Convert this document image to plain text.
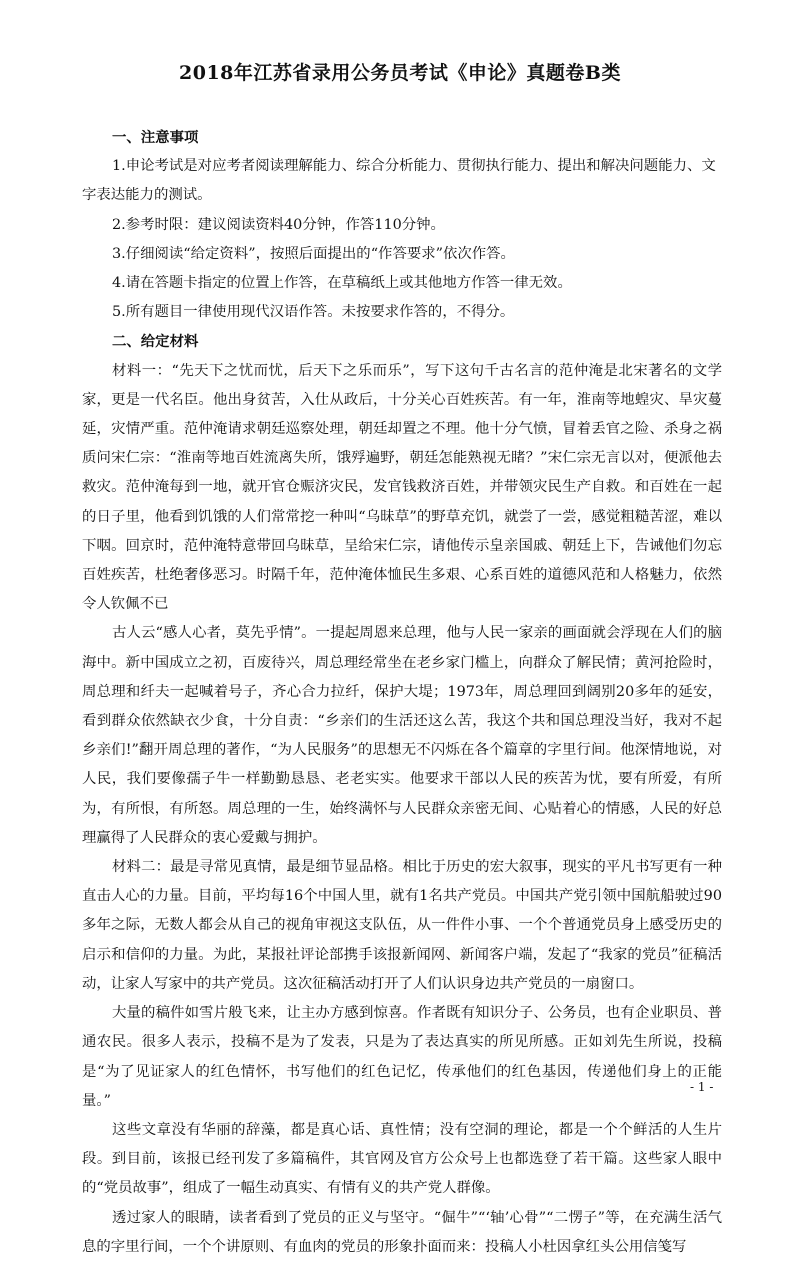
2018年江苏省录用公务员考试《申论》真题卷B类
一、注意事项

1.申论考试是对应考者阅读理解能力、综合分析能力、贯彻执行能力、提出和解决问题能力、文字表达能力的测试。

2.参考时限：建议阅读资料40分钟，作答110分钟。

3.仔细阅读“给定资料”，按照后面提出的“作答要求”依次作答。

4.请在答题卡指定的位置上作答，在草稿纸上或其他地方作答一律无效。

5.所有题目一律使用现代汉语作答。未按要求作答的，不得分。

二、给定材料

材料一：“先天下之忧而忧，后天下之乐而乐”，写下这句千古名言的范仲淹是北宋著名的文学家，更是一代名臣。他出身贫苦，入仕从政后，十分关心百姓疾苦。有一年，淮南等地蝗灾、旱灾蔓延，灾情严重。范仲淹请求朝廷巡察处理，朝廷却置之不理。他十分气愤，冒着丢官之险、杀身之祸质问宋仁宗：“淮南等地百姓流离失所，饿殍遍野，朝廷怎能熟视无睹？”宋仁宗无言以对，便派他去救灾。范仲淹每到一地，就开官仓赈济灾民，发官钱救济百姓，并带领灾民生产自救。和百姓在一起的日子里，他看到饥饿的人们常常挖一种叫“乌昧草”的野草充饥，就尝了一尝，感觉粗糙苦涩，难以下咽。回京时，范仲淹特意带回乌昧草，呈给宋仁宗，请他传示皇亲国戚、朝廷上下，告诫他们勿忘百姓疾苦，杜绝奢侈恶习。时隔千年，范仲淹体恤民生多艰、心系百姓的道德风范和人格魅力，依然令人钦佩不已

古人云“感人心者，莫先乎情”。一提起周恩来总理，他与人民一家亲的画面就会浮现在人们的脑海中。新中国成立之初，百废待兴，周总理经常坐在老乡家门槛上，向群众了解民情；黄河抢险时，周总理和纤夫一起喊着号子，齐心合力拉纤，保护大堤；1973年，周总理回到阔别20多年的延安，看到群众依然缺衣少食，十分自责：“乡亲们的生活还这么苦，我这个共和国总理没当好，我对不起乡亲们!”翻开周总理的著作，“为人民服务”的思想无不闪烁在各个篇章的字里行间。他深情地说，对人民，我们要像孺子牛一样勤勤恳恳、老老实实。他要求干部以人民的疾苦为忧，要有所爱，有所为，有所恨，有所怒。周总理的一生，始终满怀与人民群众亲密无间、心贴着心的情感，人民的好总理赢得了人民群众的衷心爱戴与拥护。

材料二：最是寻常见真情，最是细节显品格。相比于历史的宏大叙事，现实的平凡书写更有一种直击人心的力量。目前，平均每16个中国人里，就有1名共产党员。中国共产党引领中国航船驶过90多年之际，无数人都会从自己的视角审视这支队伍，从一件件小事、一个个普通党员身上感受历史的启示和信仰的力量。为此，某报社评论部携手该报新闻网、新闻客户端，发起了“我家的党员”征稿活动，让家人写家中的共产党员。这次征稿活动打开了人们认识身边共产党员的一扇窗口。

大量的稿件如雪片般飞来，让主办方感到惊喜。作者既有知识分子、公务员，也有企业职员、普通农民。很多人表示，投稿不是为了发表，只是为了表达真实的所见所感。正如刘先生所说，投稿是“为了见证家人的红色情怀，书写他们的红色记忆，传承他们的红色基因，传递他们身上的正能量。”

这些文章没有华丽的辞藻，都是真心话、真性情；没有空洞的理论，都是一个个鲜活的人生片段。到目前，该报已经刊发了多篇稿件，其官网及官方公众号上也都选登了若干篇。这些家人眼中的“党员故事”，组成了一幅生动真实、有情有义的共产党人群像。

透过家人的眼睛，读者看到了党员的正义与坚守。“倔牛”“‘轴’心骨”“二愣子”等，在充满生活气息的字里行间，一个个讲原则、有血肉的党员的形象扑面而来：投稿人小杜因拿红头公用信笺写

- 1 -
